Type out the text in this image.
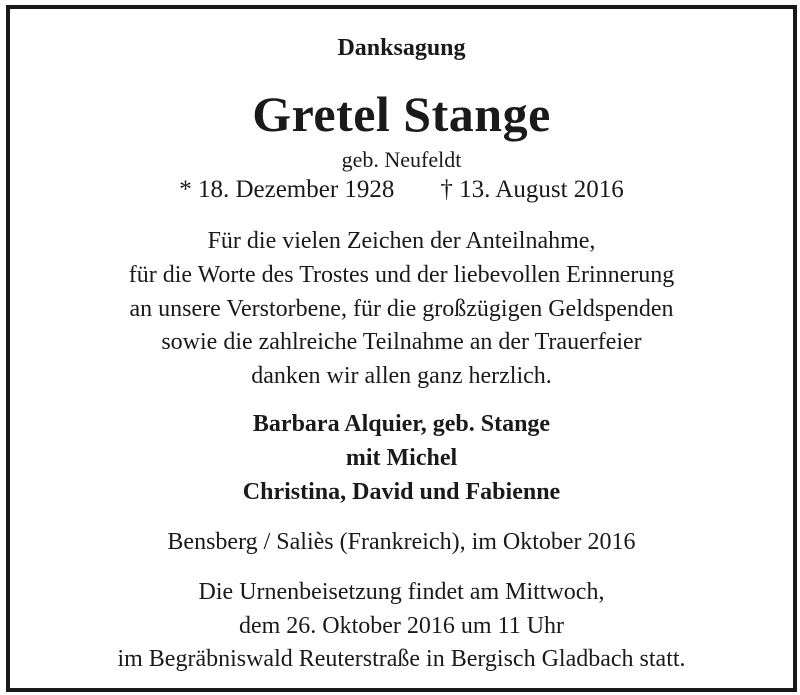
Danksagung
Gretel Stange
geb. Neufeldt
* 18. Dezember 1928 † 13. August 2016
Für die vielen Zeichen der Anteilnahme,
für die Worte des Trostes und der liebevollen Erinnerung
an unsere Verstorbene, für die großzügigen Geldspenden
sowie die zahlreiche Teilnahme an der Trauerfeier
danken wir allen ganz herzlich.
Barbara Alquier, geb. Stange
mit Michel
Christina, David und Fabienne
Bensberg / Saliès (Frankreich), im Oktober 2016
Die Urnenbeisetzung findet am Mittwoch,
dem 26. Oktober 2016 um 11 Uhr
im Begräbniswald Reuterstraße in Bergisch Gladbach statt.
